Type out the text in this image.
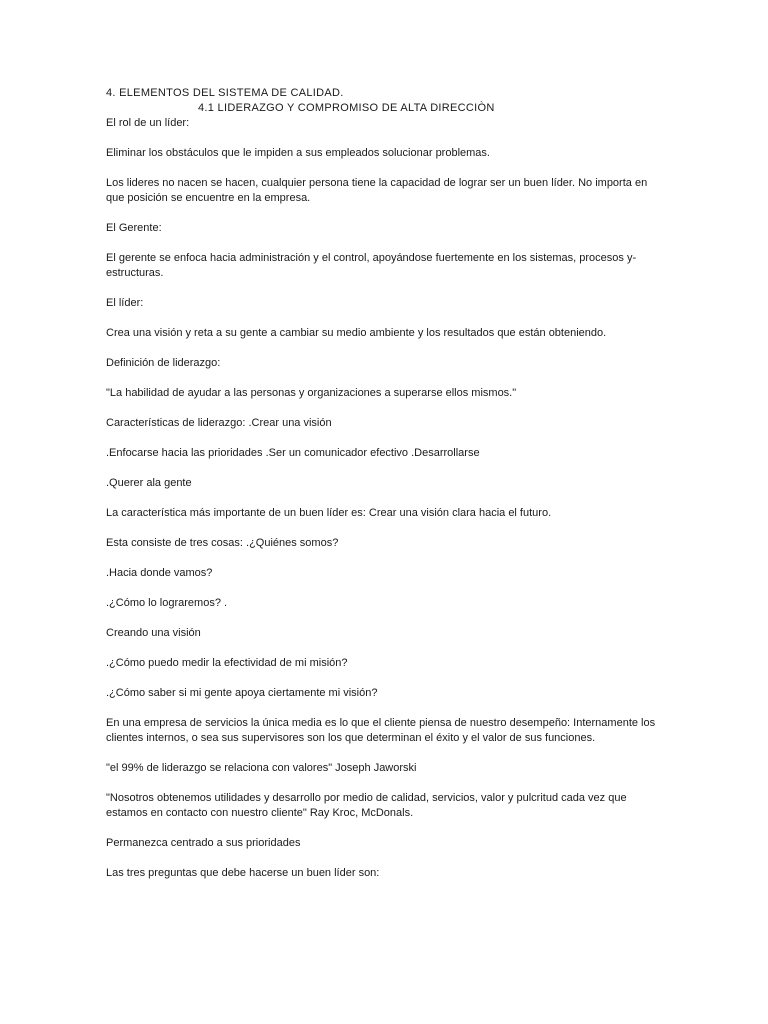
4. ELEMENTOS DEL SISTEMA DE CALIDAD.

4.1 LIDERAZGO Y COMPROMISO DE ALTA DIRECCIÒN

El rol de un líder:

Eliminar los obstáculos que le impiden a sus empleados solucionar problemas.

Los lideres no nacen se hacen, cualquier persona tiene la capacidad de lograr ser un buen líder. No importa en que posición se encuentre en la empresa.

El Gerente:

El gerente se enfoca hacia administración y el control, apoyándose fuertemente en los sistemas, procesos y-estructuras.

El líder:

Crea una visión y reta a su gente a cambiar su medio ambiente y los resultados que están obteniendo.

Definición de liderazgo:

"La habilidad de ayudar a las personas y organizaciones a superarse ellos mismos."

Características de liderazgo: .Crear una visión

.Enfocarse hacia las prioridades .Ser un comunicador efectivo .Desarrollarse

.Querer ala gente

La característica más importante de un buen líder es: Crear una visión clara hacia el futuro.

Esta consiste de tres cosas: .¿Quiénes somos?

.Hacia donde vamos?

.¿Cómo lo lograremos? .

Creando una visión

.¿Cómo puedo medir la efectividad de mi misión?

.¿Cómo saber si mi gente apoya ciertamente mi visión?

En una empresa de servicios la única media es lo que el cliente piensa de nuestro desempeño: Internamente los clientes internos, o sea sus supervisores son los que determinan el éxito y el valor de sus funciones.

"el 99% de liderazgo se relaciona con valores" Joseph Jaworski

"Nosotros obtenemos utilidades y desarrollo por medio de calidad, servicios, valor y pulcritud cada vez que estamos en contacto con nuestro cliente" Ray Kroc, McDonals.

Permanezca centrado a sus prioridades

Las tres preguntas que debe hacerse un buen líder son:
